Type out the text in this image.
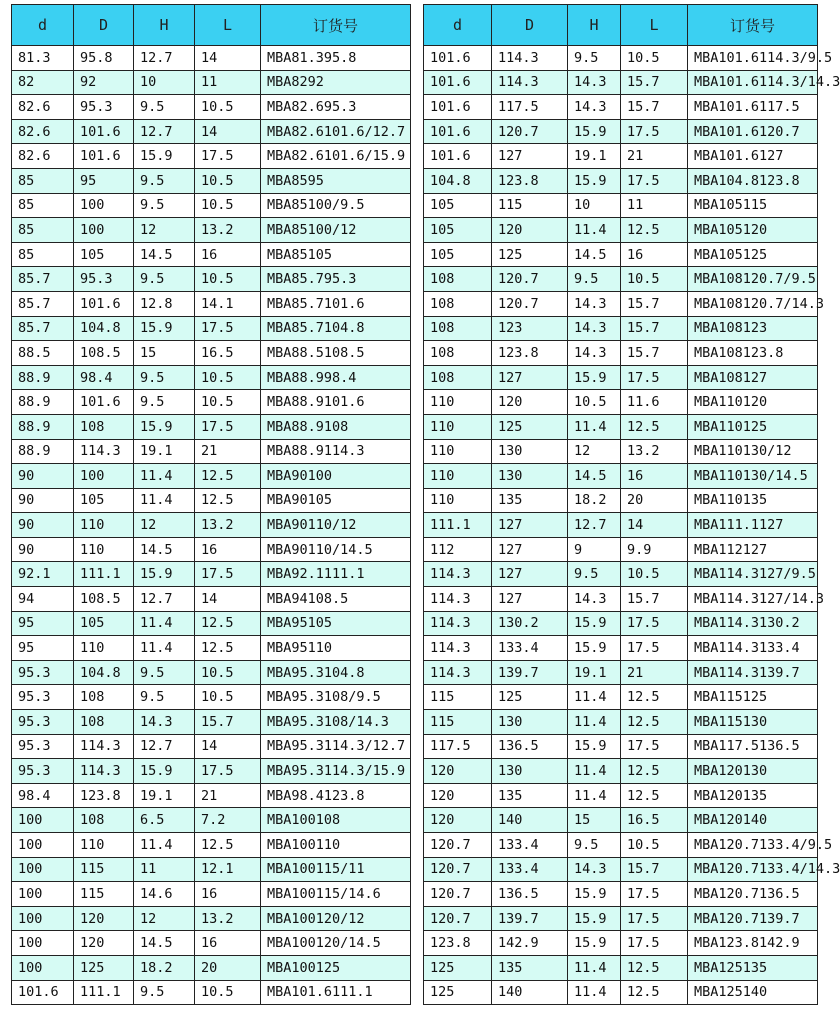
d	D	H	L	订货号
81.3	95.8	12.7	14	MBA81.395.8
82	92	10	11	MBA8292
82.6	95.3	9.5	10.5	MBA82.695.3
82.6	101.6	12.7	14	MBA82.6101.6/12.7
82.6	101.6	15.9	17.5	MBA82.6101.6/15.9
85	95	9.5	10.5	MBA8595
85	100	9.5	10.5	MBA85100/9.5
85	100	12	13.2	MBA85100/12
85	105	14.5	16	MBA85105
85.7	95.3	9.5	10.5	MBA85.795.3
85.7	101.6	12.8	14.1	MBA85.7101.6
85.7	104.8	15.9	17.5	MBA85.7104.8
88.5	108.5	15	16.5	MBA88.5108.5
88.9	98.4	9.5	10.5	MBA88.998.4
88.9	101.6	9.5	10.5	MBA88.9101.6
88.9	108	15.9	17.5	MBA88.9108
88.9	114.3	19.1	21	MBA88.9114.3
90	100	11.4	12.5	MBA90100
90	105	11.4	12.5	MBA90105
90	110	12	13.2	MBA90110/12
90	110	14.5	16	MBA90110/14.5
92.1	111.1	15.9	17.5	MBA92.1111.1
94	108.5	12.7	14	MBA94108.5
95	105	11.4	12.5	MBA95105
95	110	11.4	12.5	MBA95110
95.3	104.8	9.5	10.5	MBA95.3104.8
95.3	108	9.5	10.5	MBA95.3108/9.5
95.3	108	14.3	15.7	MBA95.3108/14.3
95.3	114.3	12.7	14	MBA95.3114.3/12.7
95.3	114.3	15.9	17.5	MBA95.3114.3/15.9
98.4	123.8	19.1	21	MBA98.4123.8
100	108	6.5	7.2	MBA100108
100	110	11.4	12.5	MBA100110
100	115	11	12.1	MBA100115/11
100	115	14.6	16	MBA100115/14.6
100	120	12	13.2	MBA100120/12
100	120	14.5	16	MBA100120/14.5
100	125	18.2	20	MBA100125
101.6	111.1	9.5	10.5	MBA101.6111.1
d	D	H	L	订货号
101.6	114.3	9.5	10.5	MBA101.6114.3/9.5
101.6	114.3	14.3	15.7	MBA101.6114.3/14.3
101.6	117.5	14.3	15.7	MBA101.6117.5
101.6	120.7	15.9	17.5	MBA101.6120.7
101.6	127	19.1	21	MBA101.6127
104.8	123.8	15.9	17.5	MBA104.8123.8
105	115	10	11	MBA105115
105	120	11.4	12.5	MBA105120
105	125	14.5	16	MBA105125
108	120.7	9.5	10.5	MBA108120.7/9.5
108	120.7	14.3	15.7	MBA108120.7/14.3
108	123	14.3	15.7	MBA108123
108	123.8	14.3	15.7	MBA108123.8
108	127	15.9	17.5	MBA108127
110	120	10.5	11.6	MBA110120
110	125	11.4	12.5	MBA110125
110	130	12	13.2	MBA110130/12
110	130	14.5	16	MBA110130/14.5
110	135	18.2	20	MBA110135
111.1	127	12.7	14	MBA111.1127
112	127	9	9.9	MBA112127
114.3	127	9.5	10.5	MBA114.3127/9.5
114.3	127	14.3	15.7	MBA114.3127/14.3
114.3	130.2	15.9	17.5	MBA114.3130.2
114.3	133.4	15.9	17.5	MBA114.3133.4
114.3	139.7	19.1	21	MBA114.3139.7
115	125	11.4	12.5	MBA115125
115	130	11.4	12.5	MBA115130
117.5	136.5	15.9	17.5	MBA117.5136.5
120	130	11.4	12.5	MBA120130
120	135	11.4	12.5	MBA120135
120	140	15	16.5	MBA120140
120.7	133.4	9.5	10.5	MBA120.7133.4/9.5
120.7	133.4	14.3	15.7	MBA120.7133.4/14.3
120.7	136.5	15.9	17.5	MBA120.7136.5
120.7	139.7	15.9	17.5	MBA120.7139.7
123.8	142.9	15.9	17.5	MBA123.8142.9
125	135	11.4	12.5	MBA125135
125	140	11.4	12.5	MBA125140
